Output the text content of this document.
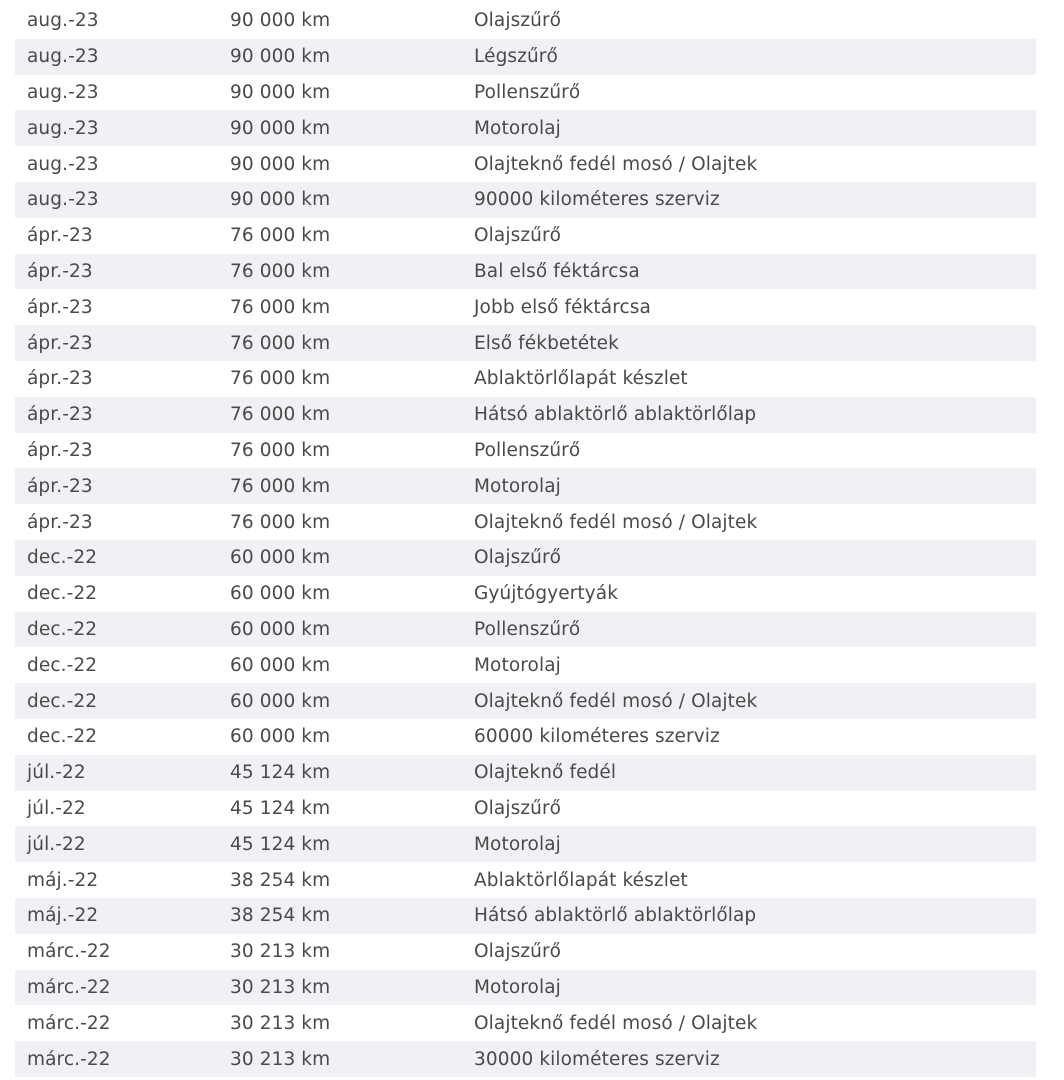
aug.-23	90 000 km	Olajszűrő
aug.-23	90 000 km	Légszűrő
aug.-23	90 000 km	Pollenszűrő
aug.-23	90 000 km	Motorolaj
aug.-23	90 000 km	Olajteknő fedél mosó / Olajtek
aug.-23	90 000 km	90000 kilométeres szerviz
ápr.-23	76 000 km	Olajszűrő
ápr.-23	76 000 km	Bal első féktárcsa
ápr.-23	76 000 km	Jobb első féktárcsa
ápr.-23	76 000 km	Első fékbetétek
ápr.-23	76 000 km	Ablaktörlőlapát készlet
ápr.-23	76 000 km	Hátsó ablaktörlő ablaktörlőlap
ápr.-23	76 000 km	Pollenszűrő
ápr.-23	76 000 km	Motorolaj
ápr.-23	76 000 km	Olajteknő fedél mosó / Olajtek
dec.-22	60 000 km	Olajszűrő
dec.-22	60 000 km	Gyújtógyertyák
dec.-22	60 000 km	Pollenszűrő
dec.-22	60 000 km	Motorolaj
dec.-22	60 000 km	Olajteknő fedél mosó / Olajtek
dec.-22	60 000 km	60000 kilométeres szerviz
júl.-22	45 124 km	Olajteknő fedél
júl.-22	45 124 km	Olajszűrő
júl.-22	45 124 km	Motorolaj
máj.-22	38 254 km	Ablaktörlőlapát készlet
máj.-22	38 254 km	Hátsó ablaktörlő ablaktörlőlap
márc.-22	30 213 km	Olajszűrő
márc.-22	30 213 km	Motorolaj
márc.-22	30 213 km	Olajteknő fedél mosó / Olajtek
márc.-22	30 213 km	30000 kilométeres szerviz
